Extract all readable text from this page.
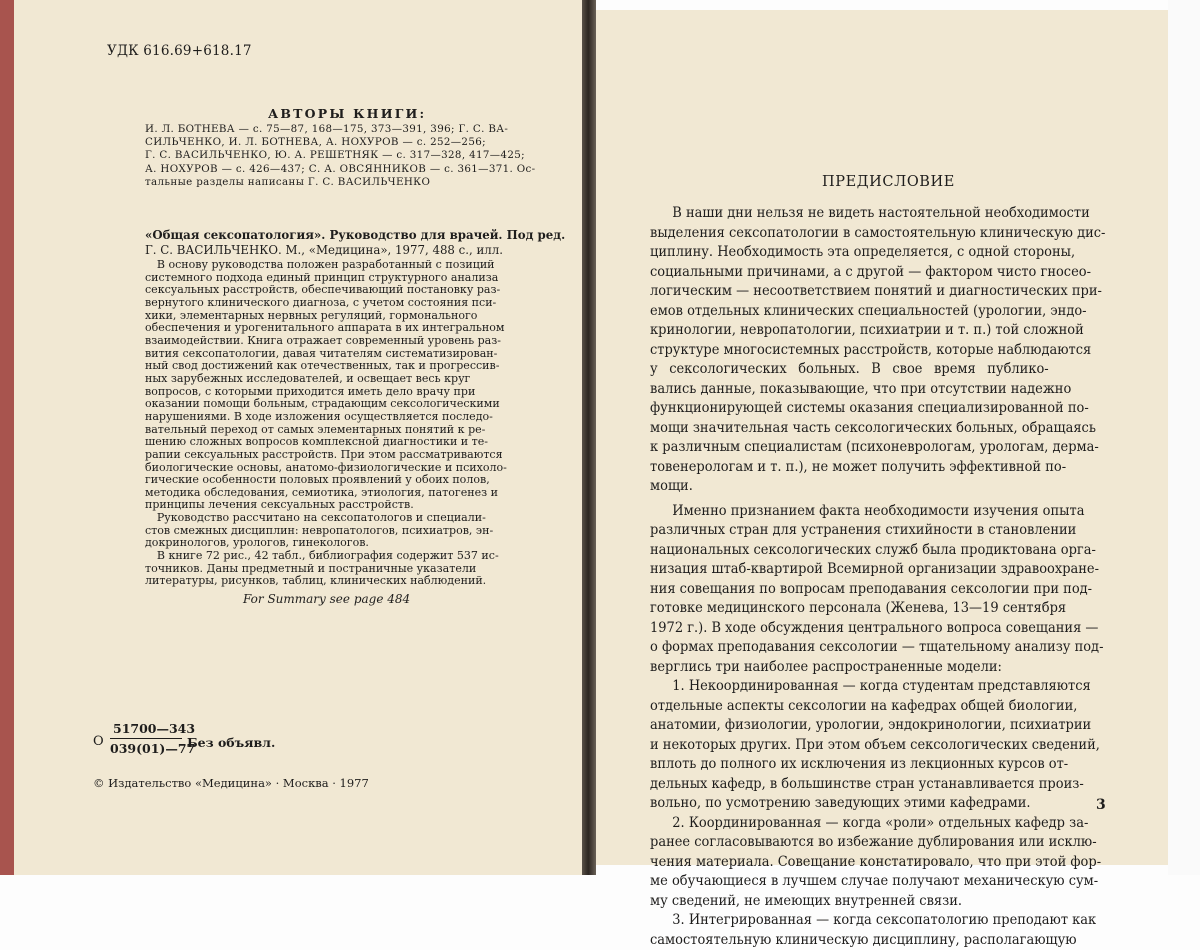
УДК 616.69+618.17
АВТОРЫ КНИГИ:
И. Л. БОТНЕВА — с. 75—87, 168—175, 373—391, 396; Г. С. ВА-
СИЛЬЧЕНКО, И. Л. БОТНЕВА, А. НОХУРОВ — с. 252—256;
Г. С. ВАСИЛЬЧЕНКО, Ю. А. РЕШЕТНЯК — с. 317—328, 417—425;
А. НОХУРОВ — с. 426—437; С. А. ОВСЯННИКОВ — с. 361—371. Ос-
тальные разделы написаны Г. С. ВАСИЛЬЧЕНКО
«Общая сексопатология». Руководство для врачей. Под ред.
Г. С. ВАСИЛЬЧЕНКО. М., «Медицина», 1977, 488 с., илл.
В основу руководства положен разработанный с позиций
системного подхода единый принцип структурного анализа
сексуальных расстройств, обеспечивающий постановку раз-
вернутого клинического диагноза, с учетом состояния пси-
хики, элементарных нервных регуляций, гормонального
обеспечения и урогенитального аппарата в их интегральном
взаимодействии. Книга отражает современный уровень раз-
вития сексопатологии, давая читателям систематизирован-
ный свод достижений как отечественных, так и прогрессив-
ных зарубежных исследователей, и освещает весь круг
вопросов, с которыми приходится иметь дело врачу при
оказании помощи больным, страдающим сексологическими
нарушениями. В ходе изложения осуществляется последо-
вательный переход от самых элементарных понятий к ре-
шению сложных вопросов комплексной диагностики и те-
рапии сексуальных расстройств. При этом рассматриваются
биологические основы, анатомо-физиологические и психоло-
гические особенности половых проявлений у обоих полов,
методика обследования, семиотика, этиология, патогенез и
принципы лечения сексуальных расстройств.
Руководство рассчитано на сексопатологов и специали-
стов смежных дисциплин: невропатологов, психиатров, эн-
докринологов, урологов, гинекологов.
В книге 72 рис., 42 табл., библиография содержит 537 ис-
точников. Даны предметный и постраничные указатели
литературы, рисунков, таблиц, клинических наблюдений.
For Summary see page 484
О
51700—343
039(01)—77
Без объявл.
© Издательство «Медицина» · Москва · 1977
ПРЕДИСЛОВИЕ
В наши дни нельзя не видеть настоятельной необходимости
выделения сексопатологии в самостоятельную клиническую дис-
циплину. Необходимость эта определяется, с одной стороны,
социальными причинами, а с другой — фактором чисто гносео-
логическим — несоответствием понятий и диагностических при-
емов отдельных клинических специальностей (урологии, эндо-
кринологии, невропатологии, психиатрии и т. п.) той сложной
структуре многосистемных расстройств, которые наблюдаются
у сексологических больных. В свое время публико-
вались данные, показывающие, что при отсутствии надежно
функционирующей системы оказания специализированной по-
мощи значительная часть сексологических больных, обращаясь
к различным специалистам (психоневрологам, урологам, дерма-
товенерологам и т. п.), не может получить эффективной по-
мощи.
Именно признанием факта необходимости изучения опыта
различных стран для устранения стихийности в становлении
национальных сексологических служб была продиктована орга-
низация штаб-квартирой Всемирной организации здравоохране-
ния совещания по вопросам преподавания сексологии при под-
готовке медицинского персонала (Женева, 13—19 сентября
1972 г.). В ходе обсуждения центрального вопроса совещания —
о формах преподавания сексологии — тщательному анализу под-
верглись три наиболее распространенные модели:
1. Некоординированная — когда студентам представляются
отдельные аспекты сексологии на кафедрах общей биологии,
анатомии, физиологии, урологии, эндокринологии, психиатрии
и некоторых других. При этом объем сексологических сведений,
вплоть до полного их исключения из лекционных курсов от-
дельных кафедр, в большинстве стран устанавливается произ-
вольно, по усмотрению заведующих этими кафедрами.
2. Координированная — когда «роли» отдельных кафедр за-
ранее согласовываются во избежание дублирования или исклю-
чения материала. Совещание констатировало, что при этой фор-
ме обучающиеся в лучшем случае получают механическую сум-
му сведений, не имеющих внутренней связи.
3. Интегрированная — когда сексопатологию преподают как
самостоятельную клиническую дисциплину, располагающую
3
